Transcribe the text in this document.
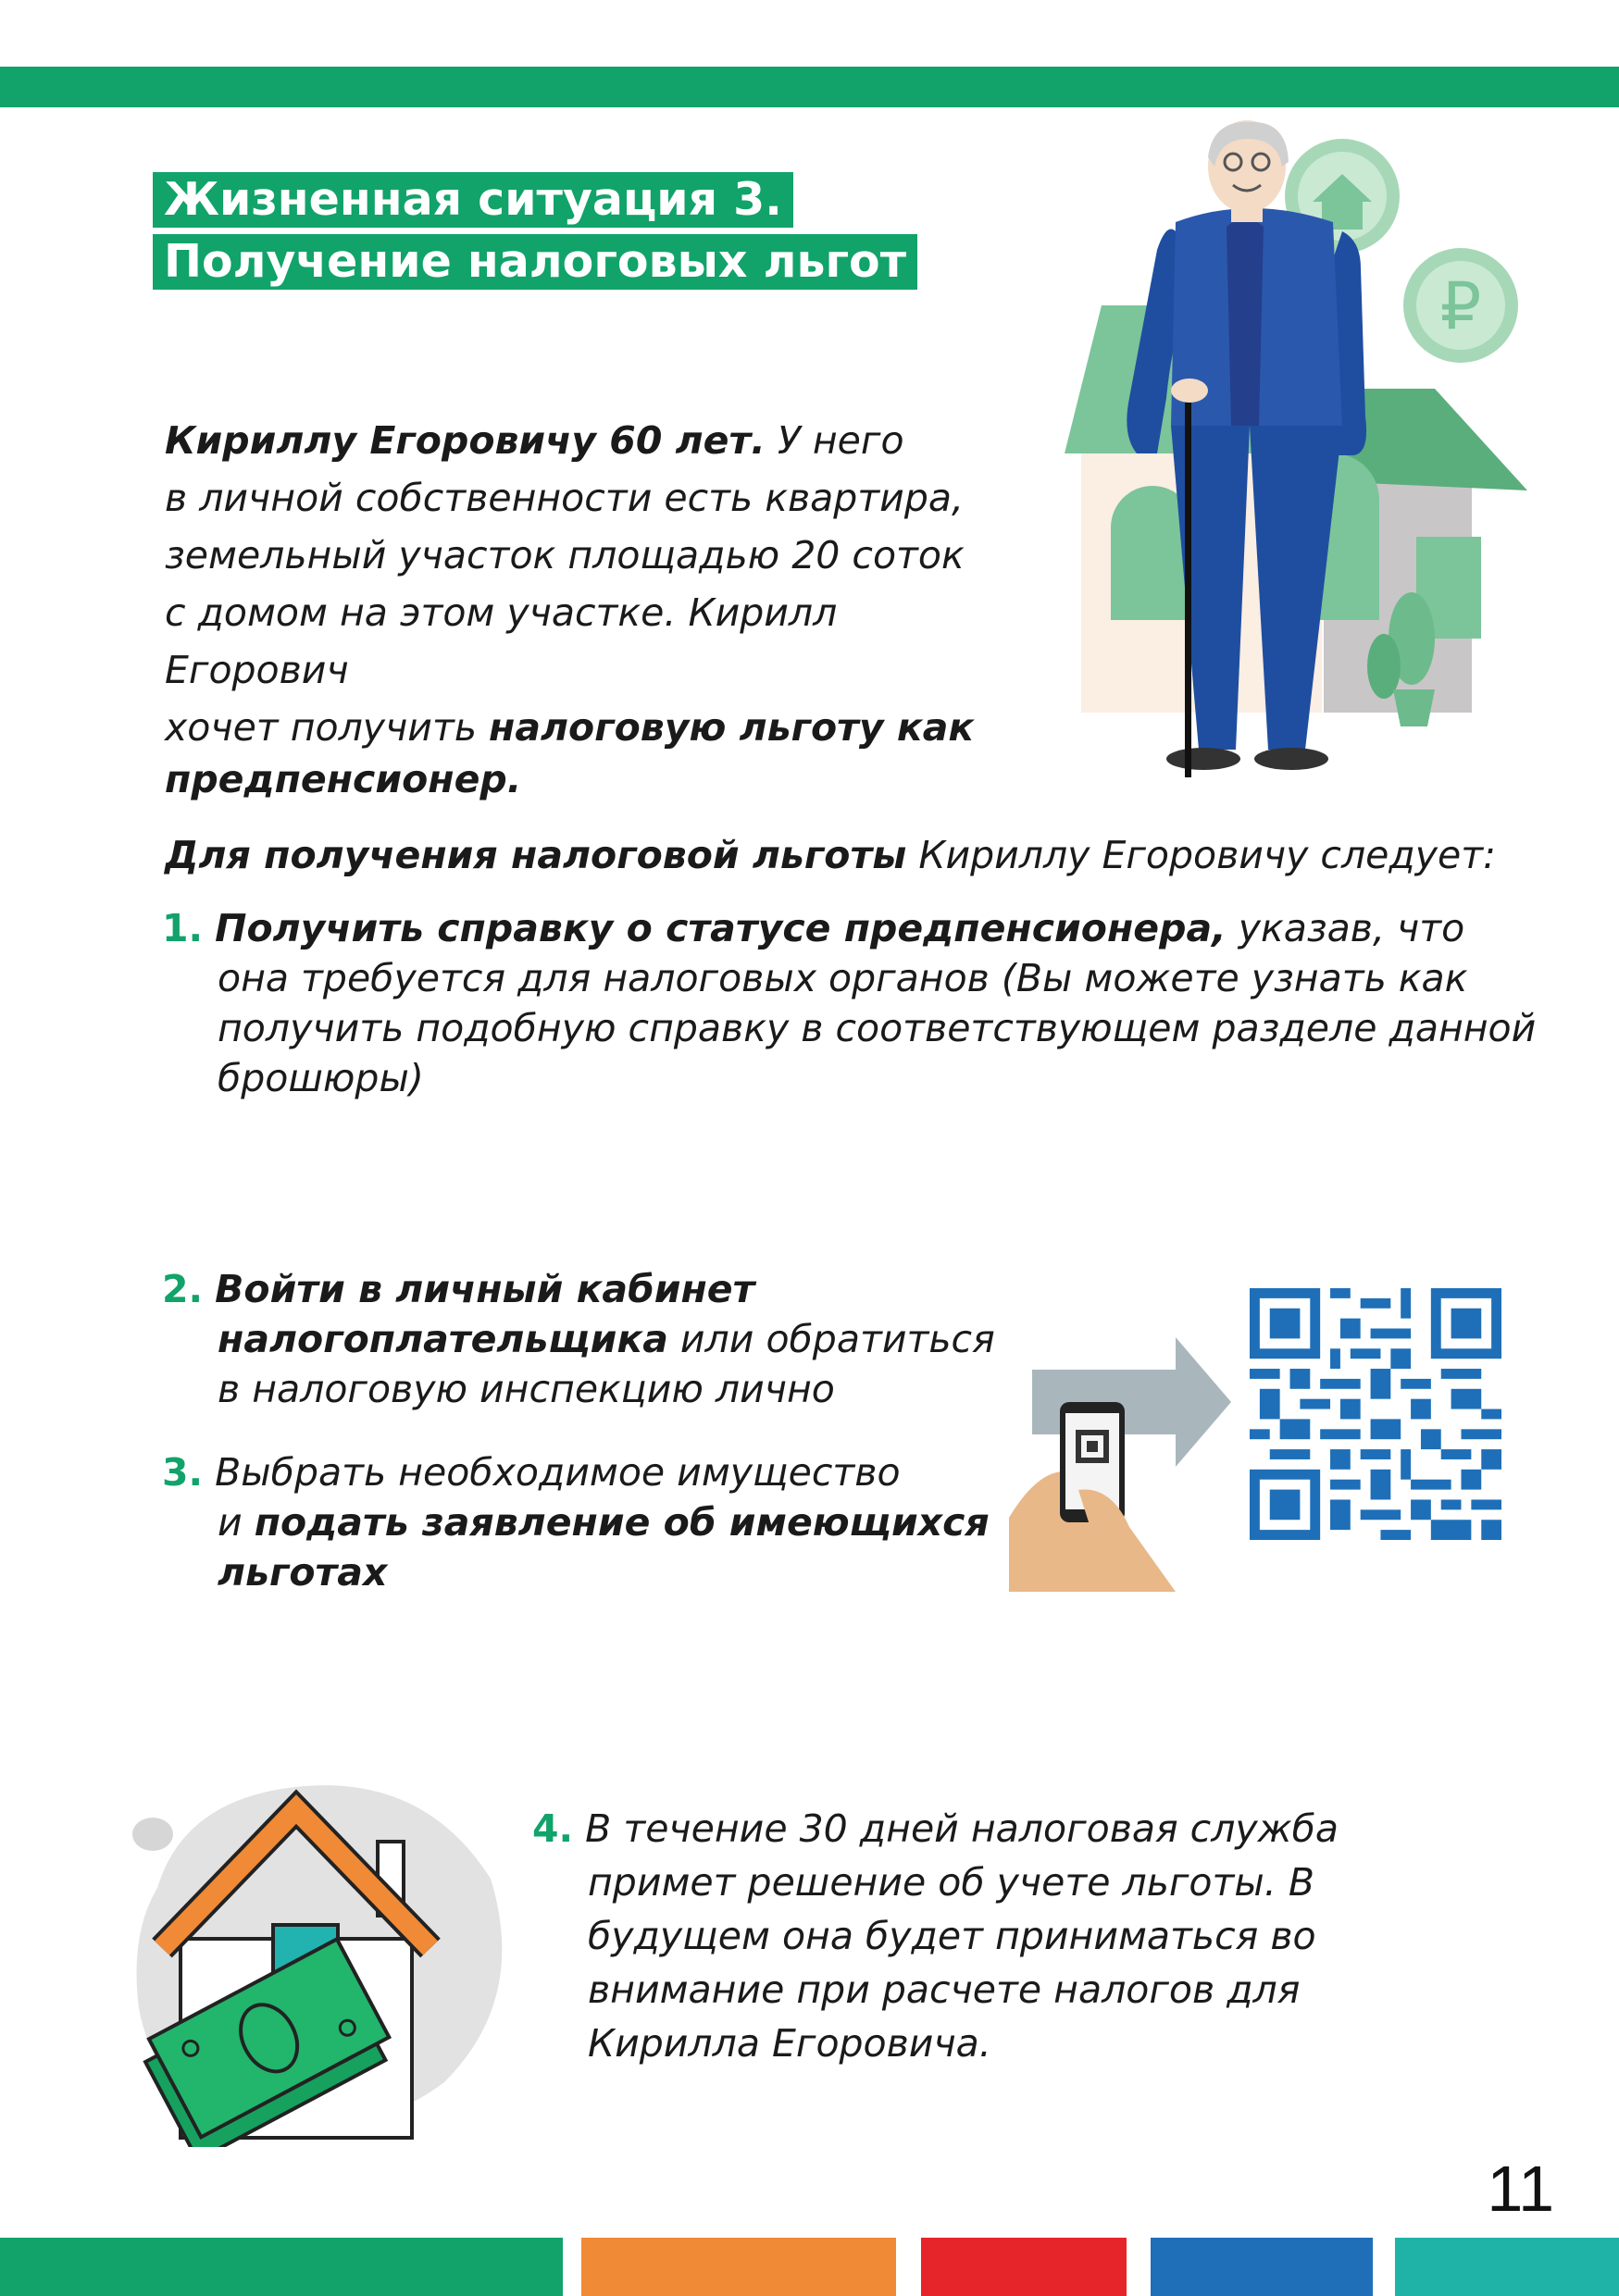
Жизненная ситуация 3.
Получение налоговых льгот
Кириллу Егоровичу 60 лет. У него
в личной собственности есть квартира,
земельный участок площадью 20 соток
с домом на этом участке. Кирилл Егорович
хочет получить налоговую льготу как
предпенсионер.
₽
Для получения налоговой льготы Кириллу Егоровичу следует:
1. Получить справку о статусе предпенсионера, указав, что
она требуется для налоговых органов (Вы можете узнать как
получить подобную справку в соответствующем разделе данной
брошюры)
2. Войти в личный кабинет
налогоплательщика или обратиться
в налоговую инспекцию лично
3. Выбрать необходимое имущество
и подать заявление об имеющихся
льготах
4. В течение 30 дней налоговая служба
примет решение об учете льготы. В
будущем она будет приниматься во
внимание при расчете налогов для
Кирилла Егоровича.
11
